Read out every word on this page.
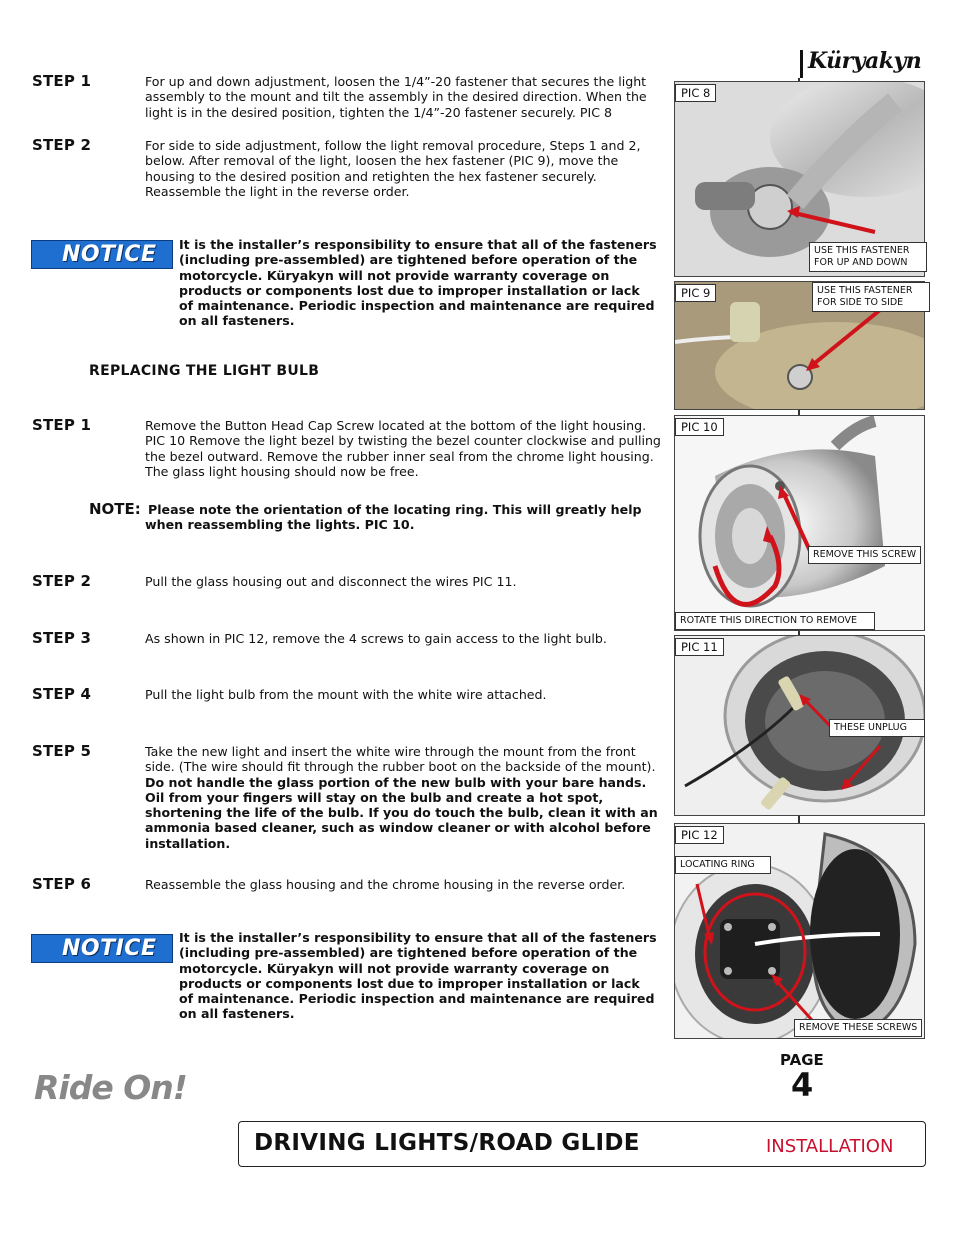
Küryakyn
STEP 1	For up and down adjustment, loosen the 1/4”-20 fastener that secures the light assembly to the mount and tilt the assembly in the desired direction. When the light is in the desired position, tighten the 1/4”-20 fastener securely. PIC 8
STEP 2	For side to side adjustment, follow the light removal procedure, Steps 1 and 2, below. After removal of the light, loosen the hex fastener (PIC 9), move the housing to the desired position and retighten the hex fastener securely. Reassemble the light in the reverse order.
NOTICE	It is the installer’s responsibility to ensure that all of the fasteners (including pre-assembled) are tightened before operation of the motorcycle. Küryakyn will not provide warranty coverage on products or components lost due to improper installation or lack of maintenance. Periodic inspection and maintenance are required on all fasteners.
REPLACING THE LIGHT BULB
STEP 1	Remove the Button Head Cap Screw located at the bottom of the light housing. PIC 10 Remove the light bezel by twisting the bezel counter clockwise and pulling the bezel outward. Remove the rubber inner seal from the chrome light housing. The glass light housing should now be free.
NOTE: Please note the orientation of the locating ring. This will greatly help when reassembling the lights. PIC 10.
STEP 2	Pull the glass housing out and disconnect the wires PIC 11.
STEP 3	As shown in PIC 12, remove the 4 screws to gain access to the light bulb.
STEP 4	Pull the light bulb from the mount with the white wire attached.
STEP 5	Take the new light and insert the white wire through the mount from the front side. (The wire should fit through the rubber boot on the backside of the mount). Do not handle the glass portion of the new bulb with your bare hands. Oil from your fingers will stay on the bulb and create a hot spot, shortening the life of the bulb. If you do touch the bulb, clean it with an ammonia based cleaner, such as window cleaner or with alcohol before installation.
STEP 6	Reassemble the glass housing and the chrome housing in the reverse order.
NOTICE	It is the installer’s responsibility to ensure that all of the fasteners (including pre-assembled) are tightened before operation of the motorcycle. Küryakyn will not provide warranty coverage on products or components lost due to improper installation or lack of maintenance. Periodic inspection and maintenance are required on all fasteners.
PIC 8
USE THIS FASTENER FOR UP AND DOWN
PIC 9	USE THIS FASTENER FOR SIDE TO SIDE
PIC 10
REMOVE THIS SCREW
ROTATE THIS DIRECTION TO REMOVE
PIC 11
THESE UNPLUG
PIC 12
LOCATING RING
REMOVE THESE SCREWS
PAGE
4
Ride On!
DRIVING LIGHTS/ROAD GLIDE	INSTALLATION
